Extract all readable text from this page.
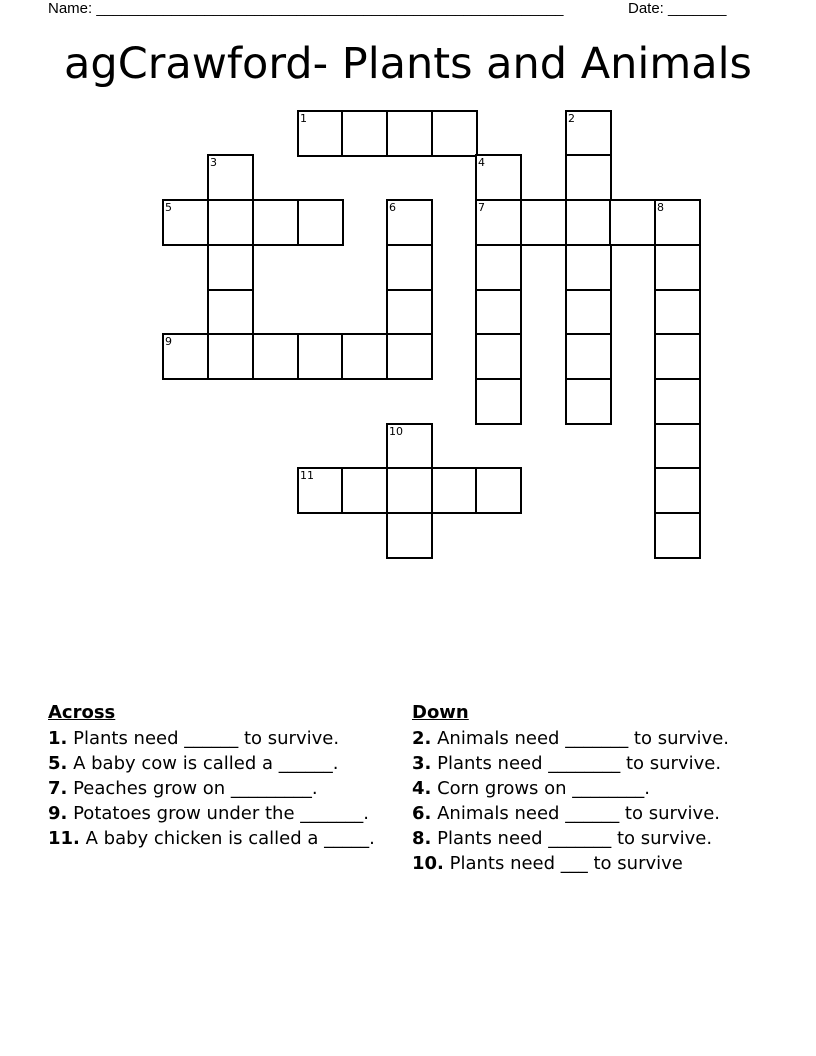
Name: ________________________________________________________	Date: _______
agCrawford- Plants and Animals
1	2
3	4
5	6	7	8
9
10
11
Across
1. Plants need ______ to survive.
5. A baby cow is called a ______.
7. Peaches grow on _________.
9. Potatoes grow under the _______.
11. A baby chicken is called a _____.
Down
2. Animals need _______ to survive.
3. Plants need ________ to survive.
4. Corn grows on ________.
6. Animals need ______ to survive.
8. Plants need _______ to survive.
10. Plants need ___ to survive
